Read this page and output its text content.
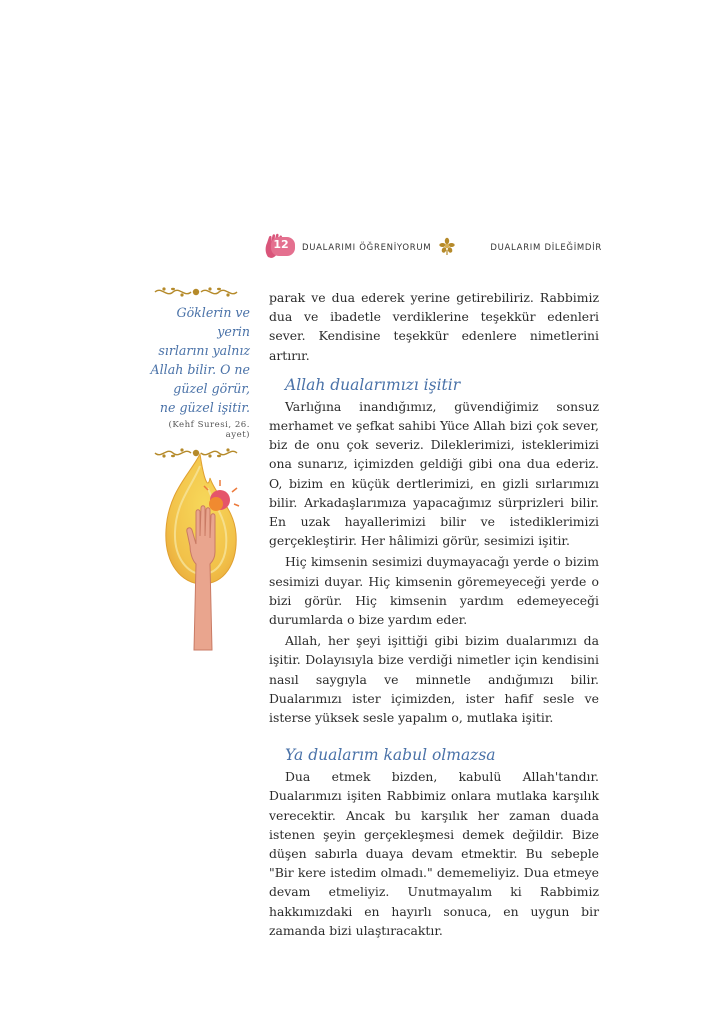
12	DUALARIMI ÖĞRENİYORUM	DUALARIM DİLEĞİMDİR
Göklerin ve yerin
sırlarını yalnız
Allah bilir. O ne
güzel görür,
ne güzel işitir.
(Kehf Suresi, 26. ayet)

parak ve dua ederek yerine getirebiliriz. Rabbimiz dua ve ibadetle verdiklerine teşekkür edenleri sever. Kendisine teşekkür edenlere nimetlerini artırır.

Allah dualarımızı işitir

Varlığına inandığımız, güvendiğimiz sonsuz merhamet ve şefkat sahibi Yüce Allah bizi çok sever, biz de onu çok severiz. Dileklerimizi, isteklerimizi ona sunarız, içimizden geldiği gibi ona dua ederiz. O, bizim en küçük dertlerimizi, en gizli sırlarımızı bilir. Arkadaşlarımıza yapacağımız sürprizleri bilir. En uzak hayallerimizi bilir ve istediklerimizi gerçekleştirir. Her hâlimizi görür, sesimizi işitir.

Hiç kimsenin sesimizi duymayacağı yerde o bizim sesimizi duyar. Hiç kimsenin göremeyeceği yerde o bizi görür. Hiç kimsenin yardım edemeyeceği durumlarda o bize yardım eder.

Allah, her şeyi işittiği gibi bizim dualarımızı da işitir. Dolayısıyla bize verdiği nimetler için kendisini nasıl saygıyla ve minnetle andığımızı bilir. Dualarımızı ister içimizden, ister hafif sesle ve isterse yüksek sesle yapalım o, mutlaka işitir.

Ya dualarım kabul olmazsa

Dua etmek bizden, kabulü Allah'tandır. Dualarımızı işiten Rabbimiz onlara mutlaka karşılık verecektir. Ancak bu karşılık her zaman duada istenen şeyin gerçekleşmesi demek değildir. Bize düşen sabırla duaya devam etmektir. Bu sebeple "Bir kere istedim olmadı." dememeliyiz. Dua etmeye devam etmeliyiz. Unutmayalım ki Rabbimiz hakkımızdaki en hayırlı sonuca, en uygun bir zamanda bizi ulaştıracaktır.
